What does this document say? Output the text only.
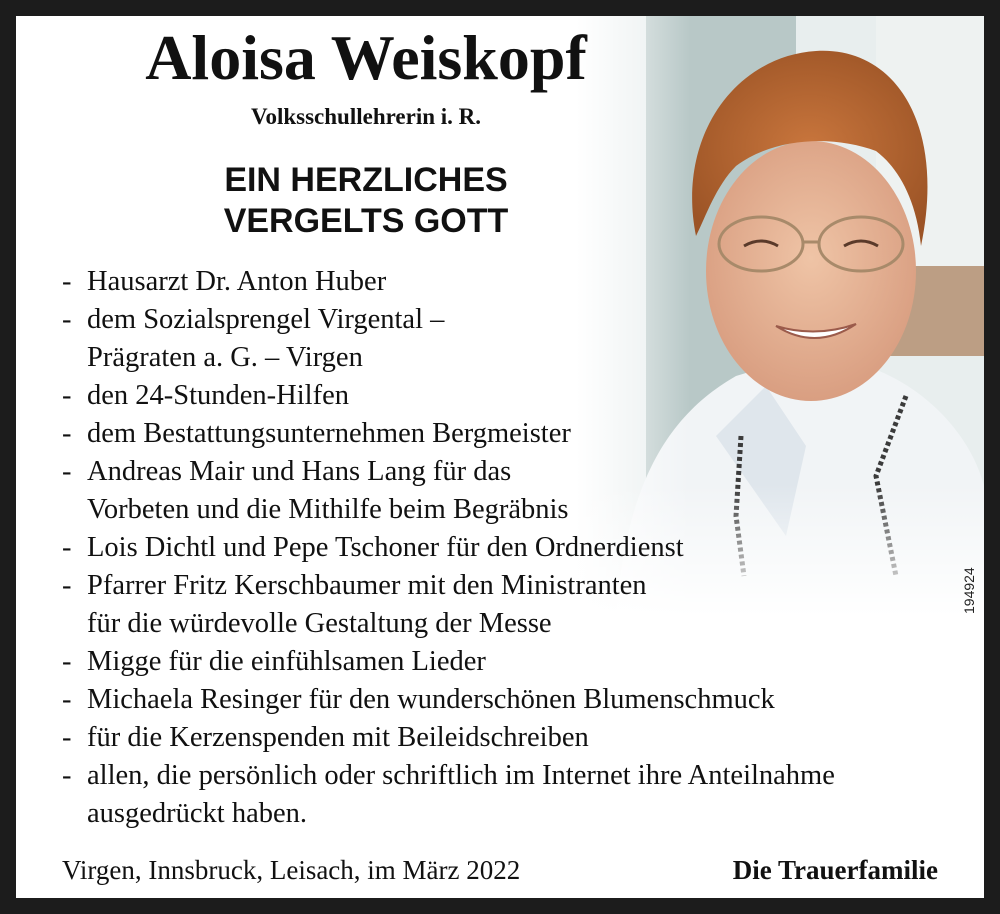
Aloisa Weiskopf
Volksschullehrerin i. R.
EIN HERZLICHES
VERGELTS GOTT
- Hausarzt Dr. Anton Huber
- dem Sozialsprengel Virgental –
Prägraten a. G. – Virgen
- den 24-Stunden-Hilfen
- dem Bestattungsunternehmen Bergmeister
- Andreas Mair und Hans Lang für das
Vorbeten und die Mithilfe beim Begräbnis
- Lois Dichtl und Pepe Tschoner für den Ordnerdienst
- Pfarrer Fritz Kerschbaumer mit den Ministranten
für die würdevolle Gestaltung der Messe
- Migge für die einfühlsamen Lieder
- Michaela Resinger für den wunderschönen Blumenschmuck
- für die Kerzenspenden mit Beileidschreiben
- allen, die persönlich oder schriftlich im Internet ihre Anteilnahme
ausgedrückt haben.
194924
Virgen, Innsbruck, Leisach, im März 2022	Die Trauerfamilie
